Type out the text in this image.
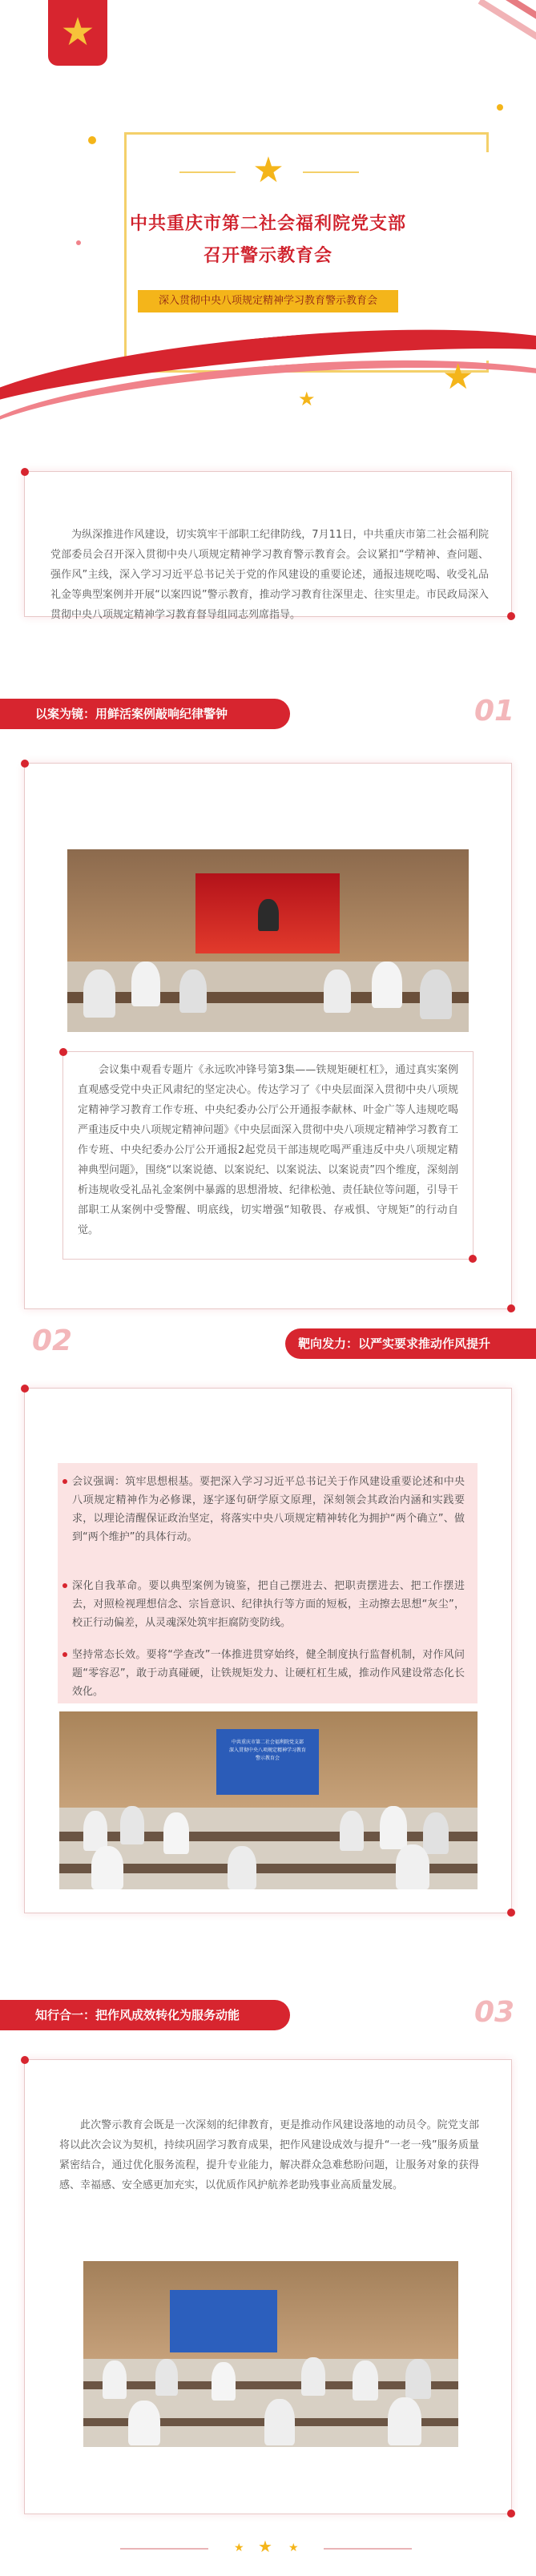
★
★
中共重庆市第二社会福利院党支部
召开警示教育会
深入贯彻中央八项规定精神学习教育警示教育会
★
★

为纵深推进作风建设，切实筑牢干部职工纪律防线，7月11日，中共重庆市第二社会福利院党部委员会召开深入贯彻中央八项规定精神学习教育警示教育会。会议紧扣“学精神、查问题、强作风”主线，深入学习习近平总书记关于党的作风建设的重要论述，通报违规吃喝、收受礼品礼金等典型案例并开展“以案四说”警示教育，推动学习教育往深里走、往实里走。市民政局深入贯彻中央八项规定精神学习教育督导组同志列席指导。

以案为镜：用鲜活案例敲响纪律警钟	01

会议集中观看专题片《永远吹冲锋号第3集——铁规矩硬杠杠》，通过真实案例直观感受党中央正风肃纪的坚定决心。传达学习了《中央层面深入贯彻中央八项规定精神学习教育工作专班、中央纪委办公厅公开通报李献林、叶金广等人违规吃喝严重违反中央八项规定精神问题》《中央层面深入贯彻中央八项规定精神学习教育工作专班、中央纪委办公厅公开通报2起党员干部违规吃喝严重违反中央八项规定精神典型问题》，围绕“以案说德、以案说纪、以案说法、以案说责”四个维度，深刻剖析违规收受礼品礼金案例中暴露的思想滑坡、纪律松弛、责任缺位等问题，引导干部职工从案例中受警醒、明底线，切实增强“知敬畏、存戒惧、守规矩”的行动自觉。

02	靶向发力：以严实要求推动作风提升
会议强调：筑牢思想根基。要把深入学习习近平总书记关于作风建设重要论述和中央八项规定精神作为必修课，逐字逐句研学原文原理，深刻领会其政治内涵和实践要求，以理论清醒保证政治坚定，将落实中央八项规定精神转化为拥护“两个确立”、做到“两个维护”的具体行动。
深化自我革命。要以典型案例为镜鉴，把自己摆进去、把职责摆进去、把工作摆进去，对照检视理想信念、宗旨意识、纪律执行等方面的短板，主动擦去思想“灰尘”，校正行动偏差，从灵魂深处筑牢拒腐防变防线。
坚持常态长效。要将“学查改”一体推进贯穿始终，健全制度执行监督机制，对作风问题“零容忍”，敢于动真碰硬，让铁规矩发力、让硬杠杠生威，推动作风建设常态化长效化。
中共重庆市第二社会福利院党支部
深入贯彻中央八项规定精神学习教育
警示教育会
知行合一：把作风成效转化为服务动能	03

此次警示教育会既是一次深刻的纪律教育，更是推动作风建设落地的动员令。院党支部将以此次会议为契机，持续巩固学习教育成果，把作风建设成效与提升“一老一残”服务质量紧密结合，通过优化服务流程，提升专业能力，解决群众急难愁盼问题，让服务对象的获得感、幸福感、安全感更加充实，以优质作风护航养老助残事业高质量发展。

★ ★ ★
